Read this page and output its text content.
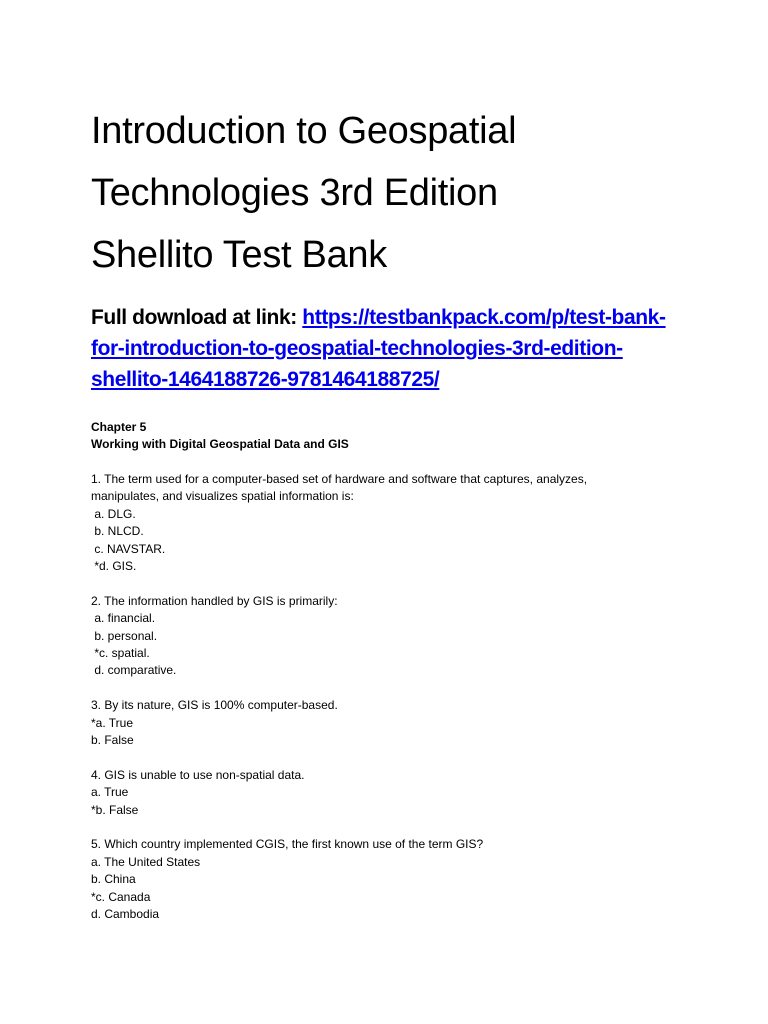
Introduction to Geospatial
Technologies 3rd Edition
Shellito Test Bank
Full download at link: https://testbankpack.com/p/test-bank-
for-introduction-to-geospatial-technologies-3rd-edition-
shellito-1464188726-9781464188725/
Chapter 5
Working with Digital Geospatial Data and GIS

1. The term used for a computer-based set of hardware and software that captures, analyzes,

manipulates, and visualizes spatial information is:

a. DLG.

b. NLCD.

c. NAVSTAR.

*d. GIS.

2. The information handled by GIS is primarily:

a. financial.

b. personal.

*c. spatial.

d. comparative.

3. By its nature, GIS is 100% computer-based.

*a. True

b. False

4. GIS is unable to use non-spatial data.

a. True

*b. False

5. Which country implemented CGIS, the first known use of the term GIS?

a. The United States

b. China

*c. Canada

d. Cambodia
